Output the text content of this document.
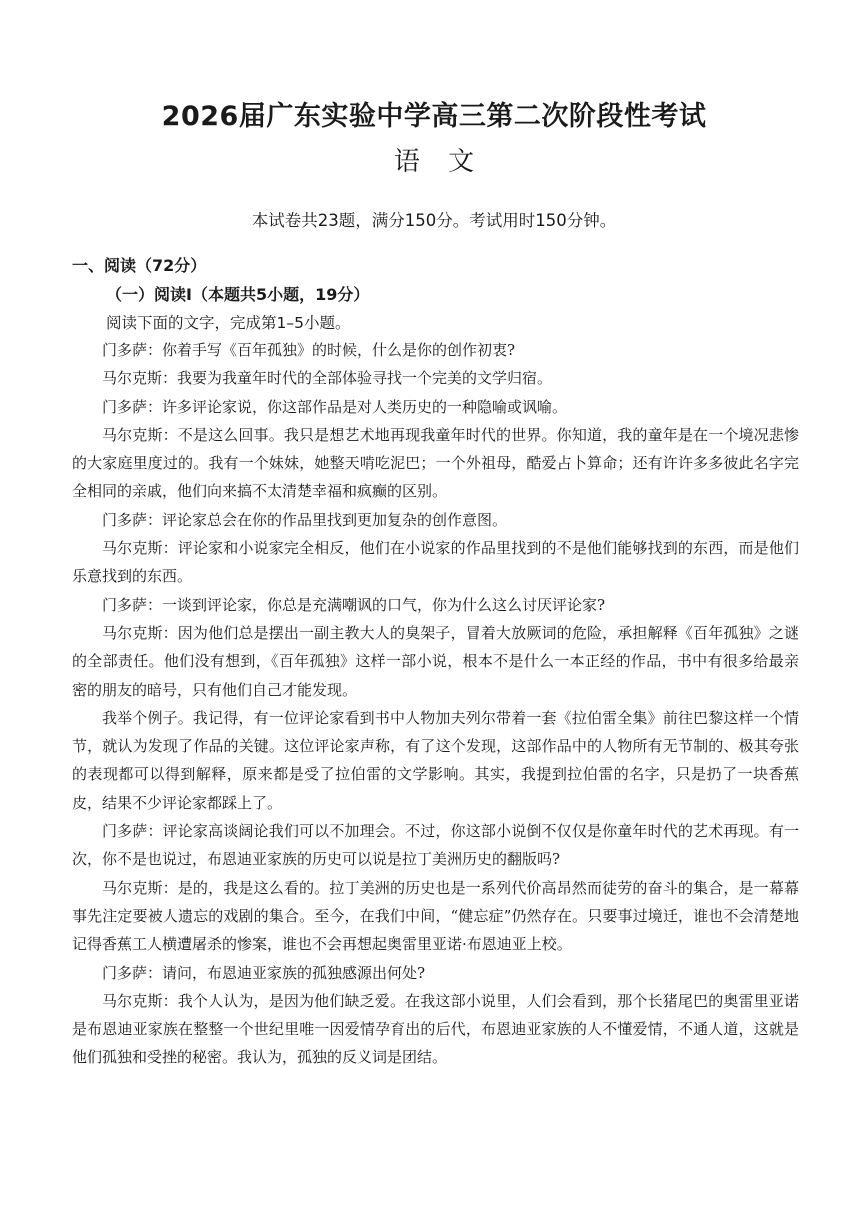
2026届广东实验中学高三第二次阶段性考试
语 文
本试卷共23题，满分150分。考试用时150分钟。
一、阅读（72分）
（一）阅读Ⅰ（本题共5小题，19分）
阅读下面的文字，完成第1–5小题。

门多萨：你着手写《百年孤独》的时候，什么是你的创作初衷?

马尔克斯：我要为我童年时代的全部体验寻找一个完美的文学归宿。

门多萨：许多评论家说，你这部作品是对人类历史的一种隐喻或讽喻。

马尔克斯：不是这么回事。我只是想艺术地再现我童年时代的世界。你知道，我的童年是在一个境况悲惨的大家庭里度过的。我有一个妹妹，她整天啃吃泥巴；一个外祖母，酷爱占卜算命；还有许许多多彼此名字完全相同的亲戚，他们向来搞不太清楚幸福和疯癫的区别。

门多萨：评论家总会在你的作品里找到更加复杂的创作意图。

马尔克斯：评论家和小说家完全相反，他们在小说家的作品里找到的不是他们能够找到的东西，而是他们乐意找到的东西。

门多萨：一谈到评论家，你总是充满嘲讽的口气，你为什么这么讨厌评论家?

马尔克斯：因为他们总是摆出一副主教大人的臭架子，冒着大放厥词的危险，承担解释《百年孤独》之谜的全部责任。他们没有想到，《百年孤独》这样一部小说，根本不是什么一本正经的作品，书中有很多给最亲密的朋友的暗号，只有他们自己才能发现。

我举个例子。我记得，有一位评论家看到书中人物加夫列尔带着一套《拉伯雷全集》前往巴黎这样一个情节，就认为发现了作品的关键。这位评论家声称，有了这个发现，这部作品中的人物所有无节制的、极其夸张的表现都可以得到解释，原来都是受了拉伯雷的文学影响。其实，我提到拉伯雷的名字，只是扔了一块香蕉皮，结果不少评论家都踩上了。

门多萨：评论家高谈阔论我们可以不加理会。不过，你这部小说倒不仅仅是你童年时代的艺术再现。有一次，你不是也说过，布恩迪亚家族的历史可以说是拉丁美洲历史的翻版吗?

马尔克斯：是的，我是这么看的。拉丁美洲的历史也是一系列代价高昂然而徒劳的奋斗的集合，是一幕幕事先注定要被人遗忘的戏剧的集合。至今，在我们中间，“健忘症”仍然存在。只要事过境迁，谁也不会清楚地记得香蕉工人横遭屠杀的惨案，谁也不会再想起奥雷里亚诺·布恩迪亚上校。

门多萨：请问，布恩迪亚家族的孤独感源出何处?

马尔克斯：我个人认为，是因为他们缺乏爱。在我这部小说里，人们会看到，那个长猪尾巴的奥雷里亚诺是布恩迪亚家族在整整一个世纪里唯一因爱情孕育出的后代，布恩迪亚家族的人不懂爱情，不通人道，这就是他们孤独和受挫的秘密。我认为，孤独的反义词是团结。
